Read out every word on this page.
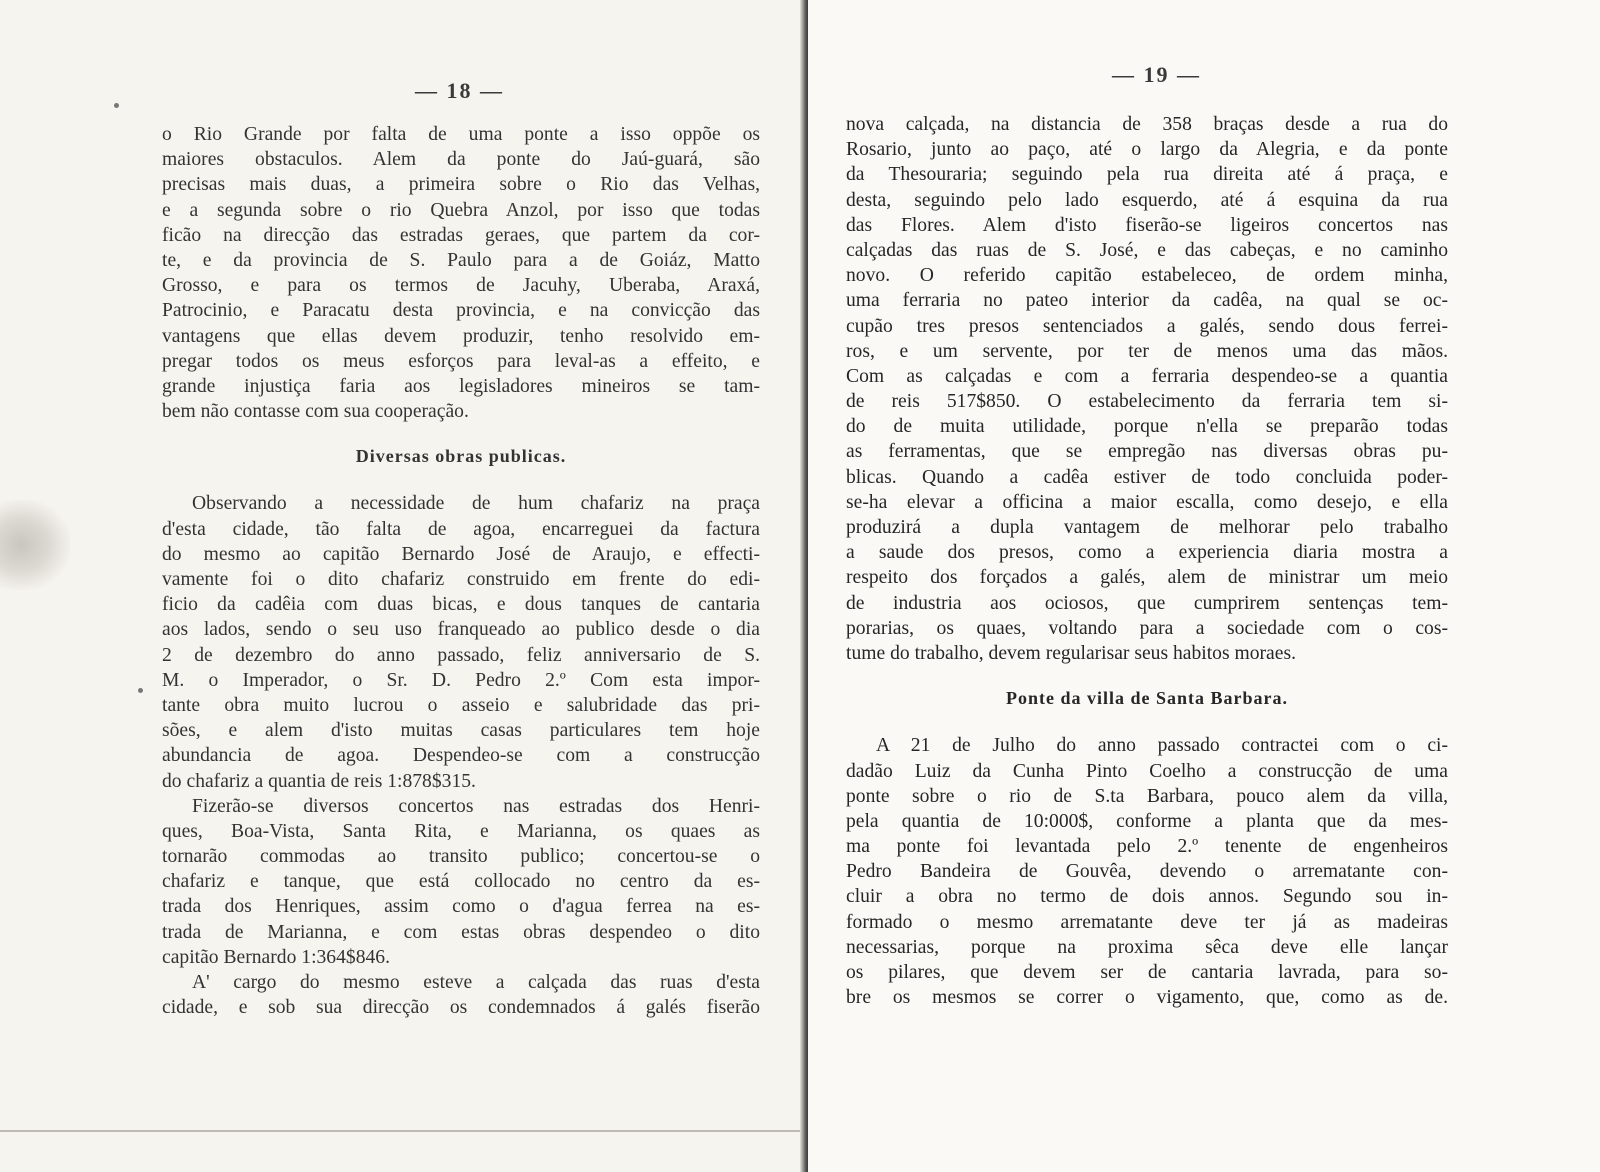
— 18 —
o Rio Grande por falta de uma ponte a isso oppõe os
maiores obstaculos. Alem da ponte do Jaú-guará, são
precisas mais duas, a primeira sobre o Rio das Velhas,
e a segunda sobre o rio Quebra Anzol, por isso que todas
ficão na direcção das estradas geraes, que partem da cor-
te, e da provincia de S. Paulo para a de Goiáz, Matto
Grosso, e para os termos de Jacuhy, Uberaba, Araxá,
Patrocinio, e Paracatu desta provincia, e na convicção das
vantagens que ellas devem produzir, tenho resolvido em-
pregar todos os meus esforços para leval-as a effeito, e
grande injustiça faria aos legisladores mineiros se tam-
bem não contasse com sua cooperação.
Diversas obras publicas.
Observando a necessidade de hum chafariz na praça
d'esta cidade, tão falta de agoa, encarreguei da factura
do mesmo ao capitão Bernardo José de Araujo, e effecti-
vamente foi o dito chafariz construido em frente do edi-
ficio da cadêia com duas bicas, e dous tanques de cantaria
aos lados, sendo o seu uso franqueado ao publico desde o dia
2 de dezembro do anno passado, feliz anniversario de S.
M. o Imperador, o Sr. D. Pedro 2.º Com esta impor-
tante obra muito lucrou o asseio e salubridade das pri-
sões, e alem d'isto muitas casas particulares tem hoje
abundancia de agoa. Despendeo-se com a construcção
do chafariz a quantia de reis 1:878$315.
Fizerão-se diversos concertos nas estradas dos Henri-
ques, Boa-Vista, Santa Rita, e Marianna, os quaes as
tornarão commodas ao transito publico; concertou-se o
chafariz e tanque, que está collocado no centro da es-
trada dos Henriques, assim como o d'agua ferrea na es-
trada de Marianna, e com estas obras despendeo o dito
capitão Bernardo 1:364$846.
A' cargo do mesmo esteve a calçada das ruas d'esta
cidade, e sob sua direcção os condemnados á galés fiserão
— 19 —
nova calçada, na distancia de 358 braças desde a rua do
Rosario, junto ao paço, até o largo da Alegria, e da ponte
da Thesouraria; seguindo pela rua direita até á praça, e
desta, seguindo pelo lado esquerdo, até á esquina da rua
das Flores. Alem d'isto fiserão-se ligeiros concertos nas
calçadas das ruas de S. José, e das cabeças, e no caminho
novo. O referido capitão estabeleceo, de ordem minha,
uma ferraria no pateo interior da cadêa, na qual se oc-
cupão tres presos sentenciados a galés, sendo dous ferrei-
ros, e um servente, por ter de menos uma das mãos.
Com as calçadas e com a ferraria despendeo-se a quantia
de reis 517$850. O estabelecimento da ferraria tem si-
do de muita utilidade, porque n'ella se preparão todas
as ferramentas, que se empregão nas diversas obras pu-
blicas. Quando a cadêa estiver de todo concluida poder-
se-ha elevar a officina a maior escalla, como desejo, e ella
produzirá a dupla vantagem de melhorar pelo trabalho
a saude dos presos, como a experiencia diaria mostra a
respeito dos forçados a galés, alem de ministrar um meio
de industria aos ociosos, que cumprirem sentenças tem-
porarias, os quaes, voltando para a sociedade com o cos-
tume do trabalho, devem regularisar seus habitos moraes.
Ponte da villa de Santa Barbara.
A 21 de Julho do anno passado contractei com o ci-
dadão Luiz da Cunha Pinto Coelho a construcção de uma
ponte sobre o rio de S.ta Barbara, pouco alem da villa,
pela quantia de 10:000$, conforme a planta que da mes-
ma ponte foi levantada pelo 2.º tenente de engenheiros
Pedro Bandeira de Gouvêa, devendo o arrematante con-
cluir a obra no termo de dois annos. Segundo sou in-
formado o mesmo arrematante deve ter já as madeiras
necessarias, porque na proxima sêca deve elle lançar
os pilares, que devem ser de cantaria lavrada, para so-
bre os mesmos se correr o vigamento, que, como as de.
